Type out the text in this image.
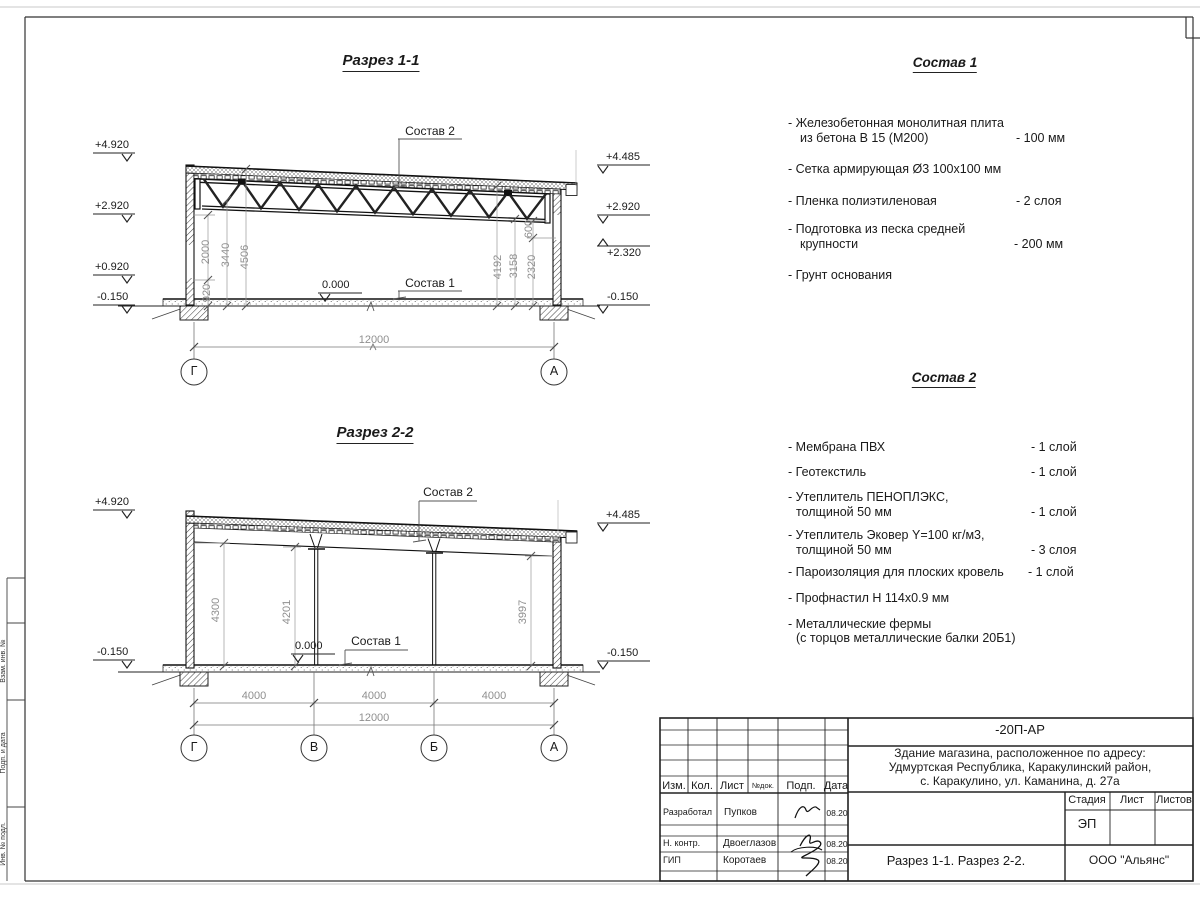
Разрез 1-1
Состав 2
Состав 1
0.000
+4.920
+2.920
+0.920
-0.150
+4.485
+2.920
+2.320
-0.150
920
2000 3440 4506	4192 3158 2320
600
12000
Г	А
Разрез 2-2
Состав 2
Состав 1
0.000
+4.920
-0.150
+4.485
-0.150
4300	4201	3997
4000	4000	4000
12000
Г	В	Б	А
Состав 1
- Железобетонная монолитная плита
из бетона В 15 (М200)	- 100 мм
- Сетка армирующая Ø3 100х100 мм
- Пленка полиэтиленовая	- 2 слоя
- Подготовка из песка средней
крупности	- 200 мм
- Грунт основания
Состав 2
- Мембрана ПВХ	- 1 слой
- Геотекстиль	- 1 слой
- Утеплитель ПЕНОПЛЭКС,
толщиной 50 мм	- 1 слой
- Утеплитель Эковер Y=100 кг/м3,
толщиной 50 мм	- 3 слоя
- Пароизоляция для плоских кровель - 1 слой
- Профнастил Н 114х0.9 мм
- Металлические фермы
(с торцов металлические балки 20Б1)
-20П-АР
Здание магазина, расположенное по адресу:
Удмуртская Республика, Каракулинский район,
с. Каракулино, ул. Каманина, д. 27а
Изм. Кол. Лист №док. Подп. Дата
Разработал Пупков	08.20
Н. контр. Двоеглазов	08.20
ГИП	Коротаев	08.20
Стадия Лист Листов
ЭП
Разрез 1-1. Разрез 2-2.	ООО "Альянс"
Взам. инв. №
Подп. и дата
Инв. № подл.
